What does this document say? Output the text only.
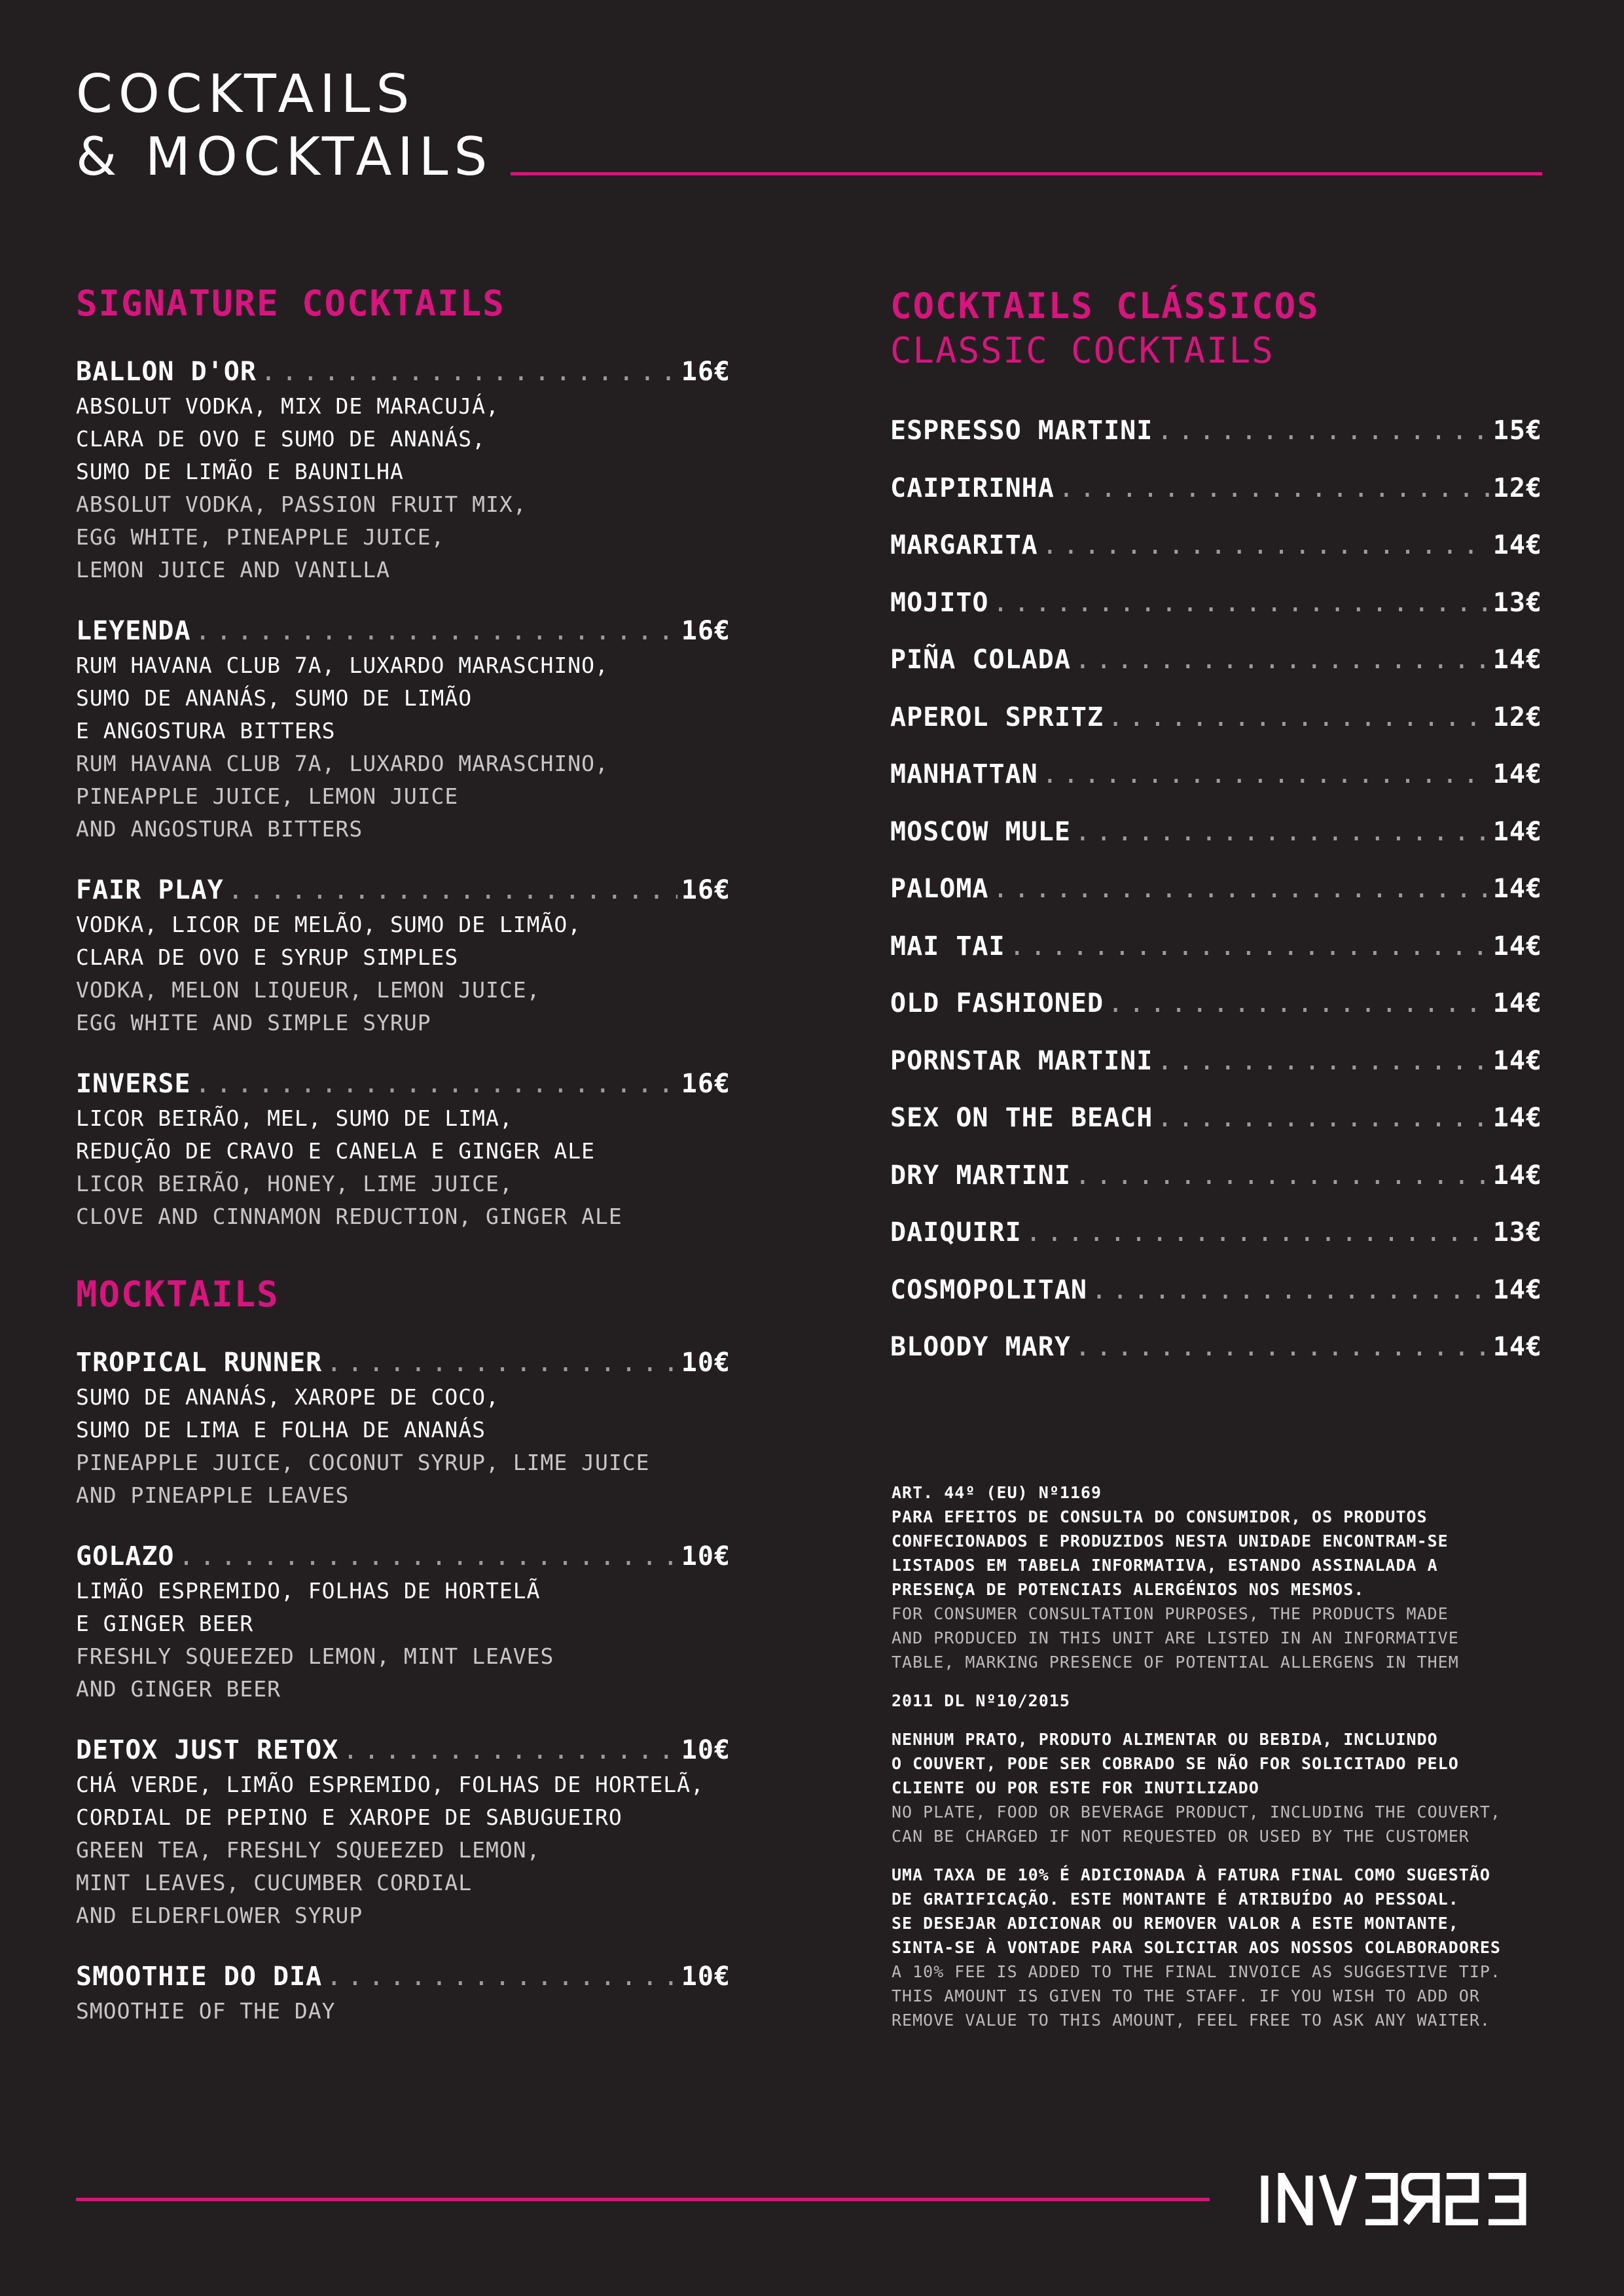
COCKTAILS
& MOCKTAILS
SIGNATURE COCKTAILS
BALLON D'OR . . .	16€
ABSOLUT VODKA, MIX DE MARACUJÁ,
CLARA DE OVO E SUMO DE ANANÁS,
SUMO DE LIMÃO E BAUNILHA
ABSOLUT VODKA, PASSION FRUIT MIX,
EGG WHITE, PINEAPPLE JUICE,
LEMON JUICE AND VANILLA
LEYENDA . . .	16€
RUM HAVANA CLUB 7A, LUXARDO MARASCHINO,
SUMO DE ANANÁS, SUMO DE LIMÃO
E ANGOSTURA BITTERS
RUM HAVANA CLUB 7A, LUXARDO MARASCHINO,
PINEAPPLE JUICE, LEMON JUICE
AND ANGOSTURA BITTERS
FAIR PLAY . . .	16€
VODKA, LICOR DE MELÃO, SUMO DE LIMÃO,
CLARA DE OVO E SYRUP SIMPLES
VODKA, MELON LIQUEUR, LEMON JUICE,
EGG WHITE AND SIMPLE SYRUP
INVERSE . . .	16€
LICOR BEIRÃO, MEL, SUMO DE LIMA,
REDUÇÃO DE CRAVO E CANELA E GINGER ALE
LICOR BEIRÃO, HONEY, LIME JUICE,
CLOVE AND CINNAMON REDUCTION, GINGER ALE
MOCKTAILS
TROPICAL RUNNER . . .	10€
SUMO DE ANANÁS, XAROPE DE COCO,
SUMO DE LIMA E FOLHA DE ANANÁS
PINEAPPLE JUICE, COCONUT SYRUP, LIME JUICE
AND PINEAPPLE LEAVES
GOLAZO . . .	10€
LIMÃO ESPREMIDO, FOLHAS DE HORTELÃ
E GINGER BEER
FRESHLY SQUEEZED LEMON, MINT LEAVES
AND GINGER BEER
DETOX JUST RETOX . . .	10€
CHÁ VERDE, LIMÃO ESPREMIDO, FOLHAS DE HORTELÃ,
CORDIAL DE PEPINO E XAROPE DE SABUGUEIRO
GREEN TEA, FRESHLY SQUEEZED LEMON,
MINT LEAVES, CUCUMBER CORDIAL
AND ELDERFLOWER SYRUP
SMOOTHIE DO DIA . . .	10€
SMOOTHIE OF THE DAY
COCKTAILS CLÁSSICOS
CLASSIC COCKTAILS
ESPRESSO MARTINI . . .	15€
CAIPIRINHA . . .	12€
MARGARITA . . .	14€
MOJITO . . .	13€
PIÑA COLADA . . .	14€
APEROL SPRITZ . . .	12€
MANHATTAN . . .	14€
MOSCOW MULE . . .	14€
PALOMA . . .	14€
MAI TAI . . .	14€
OLD FASHIONED . . .	14€
PORNSTAR MARTINI . . .	14€
SEX ON THE BEACH . . .	14€
DRY MARTINI . . .	14€
DAIQUIRI . . .	13€
COSMOPOLITAN . . .	14€
BLOODY MARY . . .	14€
ART. 44º (EU) Nº1169
PARA EFEITOS DE CONSULTA DO CONSUMIDOR, OS PRODUTOS
CONFECIONADOS E PRODUZIDOS NESTA UNIDADE ENCONTRAM-SE
LISTADOS EM TABELA INFORMATIVA, ESTANDO ASSINALADA A
PRESENÇA DE POTENCIAIS ALERGÉNIOS NOS MESMOS.
FOR CONSUMER CONSULTATION PURPOSES, THE PRODUCTS MADE
AND PRODUCED IN THIS UNIT ARE LISTED IN AN INFORMATIVE
TABLE, MARKING PRESENCE OF POTENTIAL ALLERGENS IN THEM
2011 DL Nº10/2015
NENHUM PRATO, PRODUTO ALIMENTAR OU BEBIDA, INCLUINDO
O COUVERT, PODE SER COBRADO SE NÃO FOR SOLICITADO PELO
CLIENTE OU POR ESTE FOR INUTILIZADO
NO PLATE, FOOD OR BEVERAGE PRODUCT, INCLUDING THE COUVERT,
CAN BE CHARGED IF NOT REQUESTED OR USED BY THE CUSTOMER
UMA TAXA DE 10% É ADICIONADA À FATURA FINAL COMO SUGESTÃO
DE GRATIFICAÇÃO. ESTE MONTANTE É ATRIBUÍDO AO PESSOAL.
SE DESEJAR ADICIONAR OU REMOVER VALOR A ESTE MONTANTE,
SINTA-SE À VONTADE PARA SOLICITAR AOS NOSSOS COLABORADORES
A 10% FEE IS ADDED TO THE FINAL INVOICE AS SUGGESTIVE TIP.
THIS AMOUNT IS GIVEN TO THE STAFF. IF YOU WISH TO ADD OR
REMOVE VALUE TO THIS AMOUNT, FEEL FREE TO ASK ANY WAITER.
